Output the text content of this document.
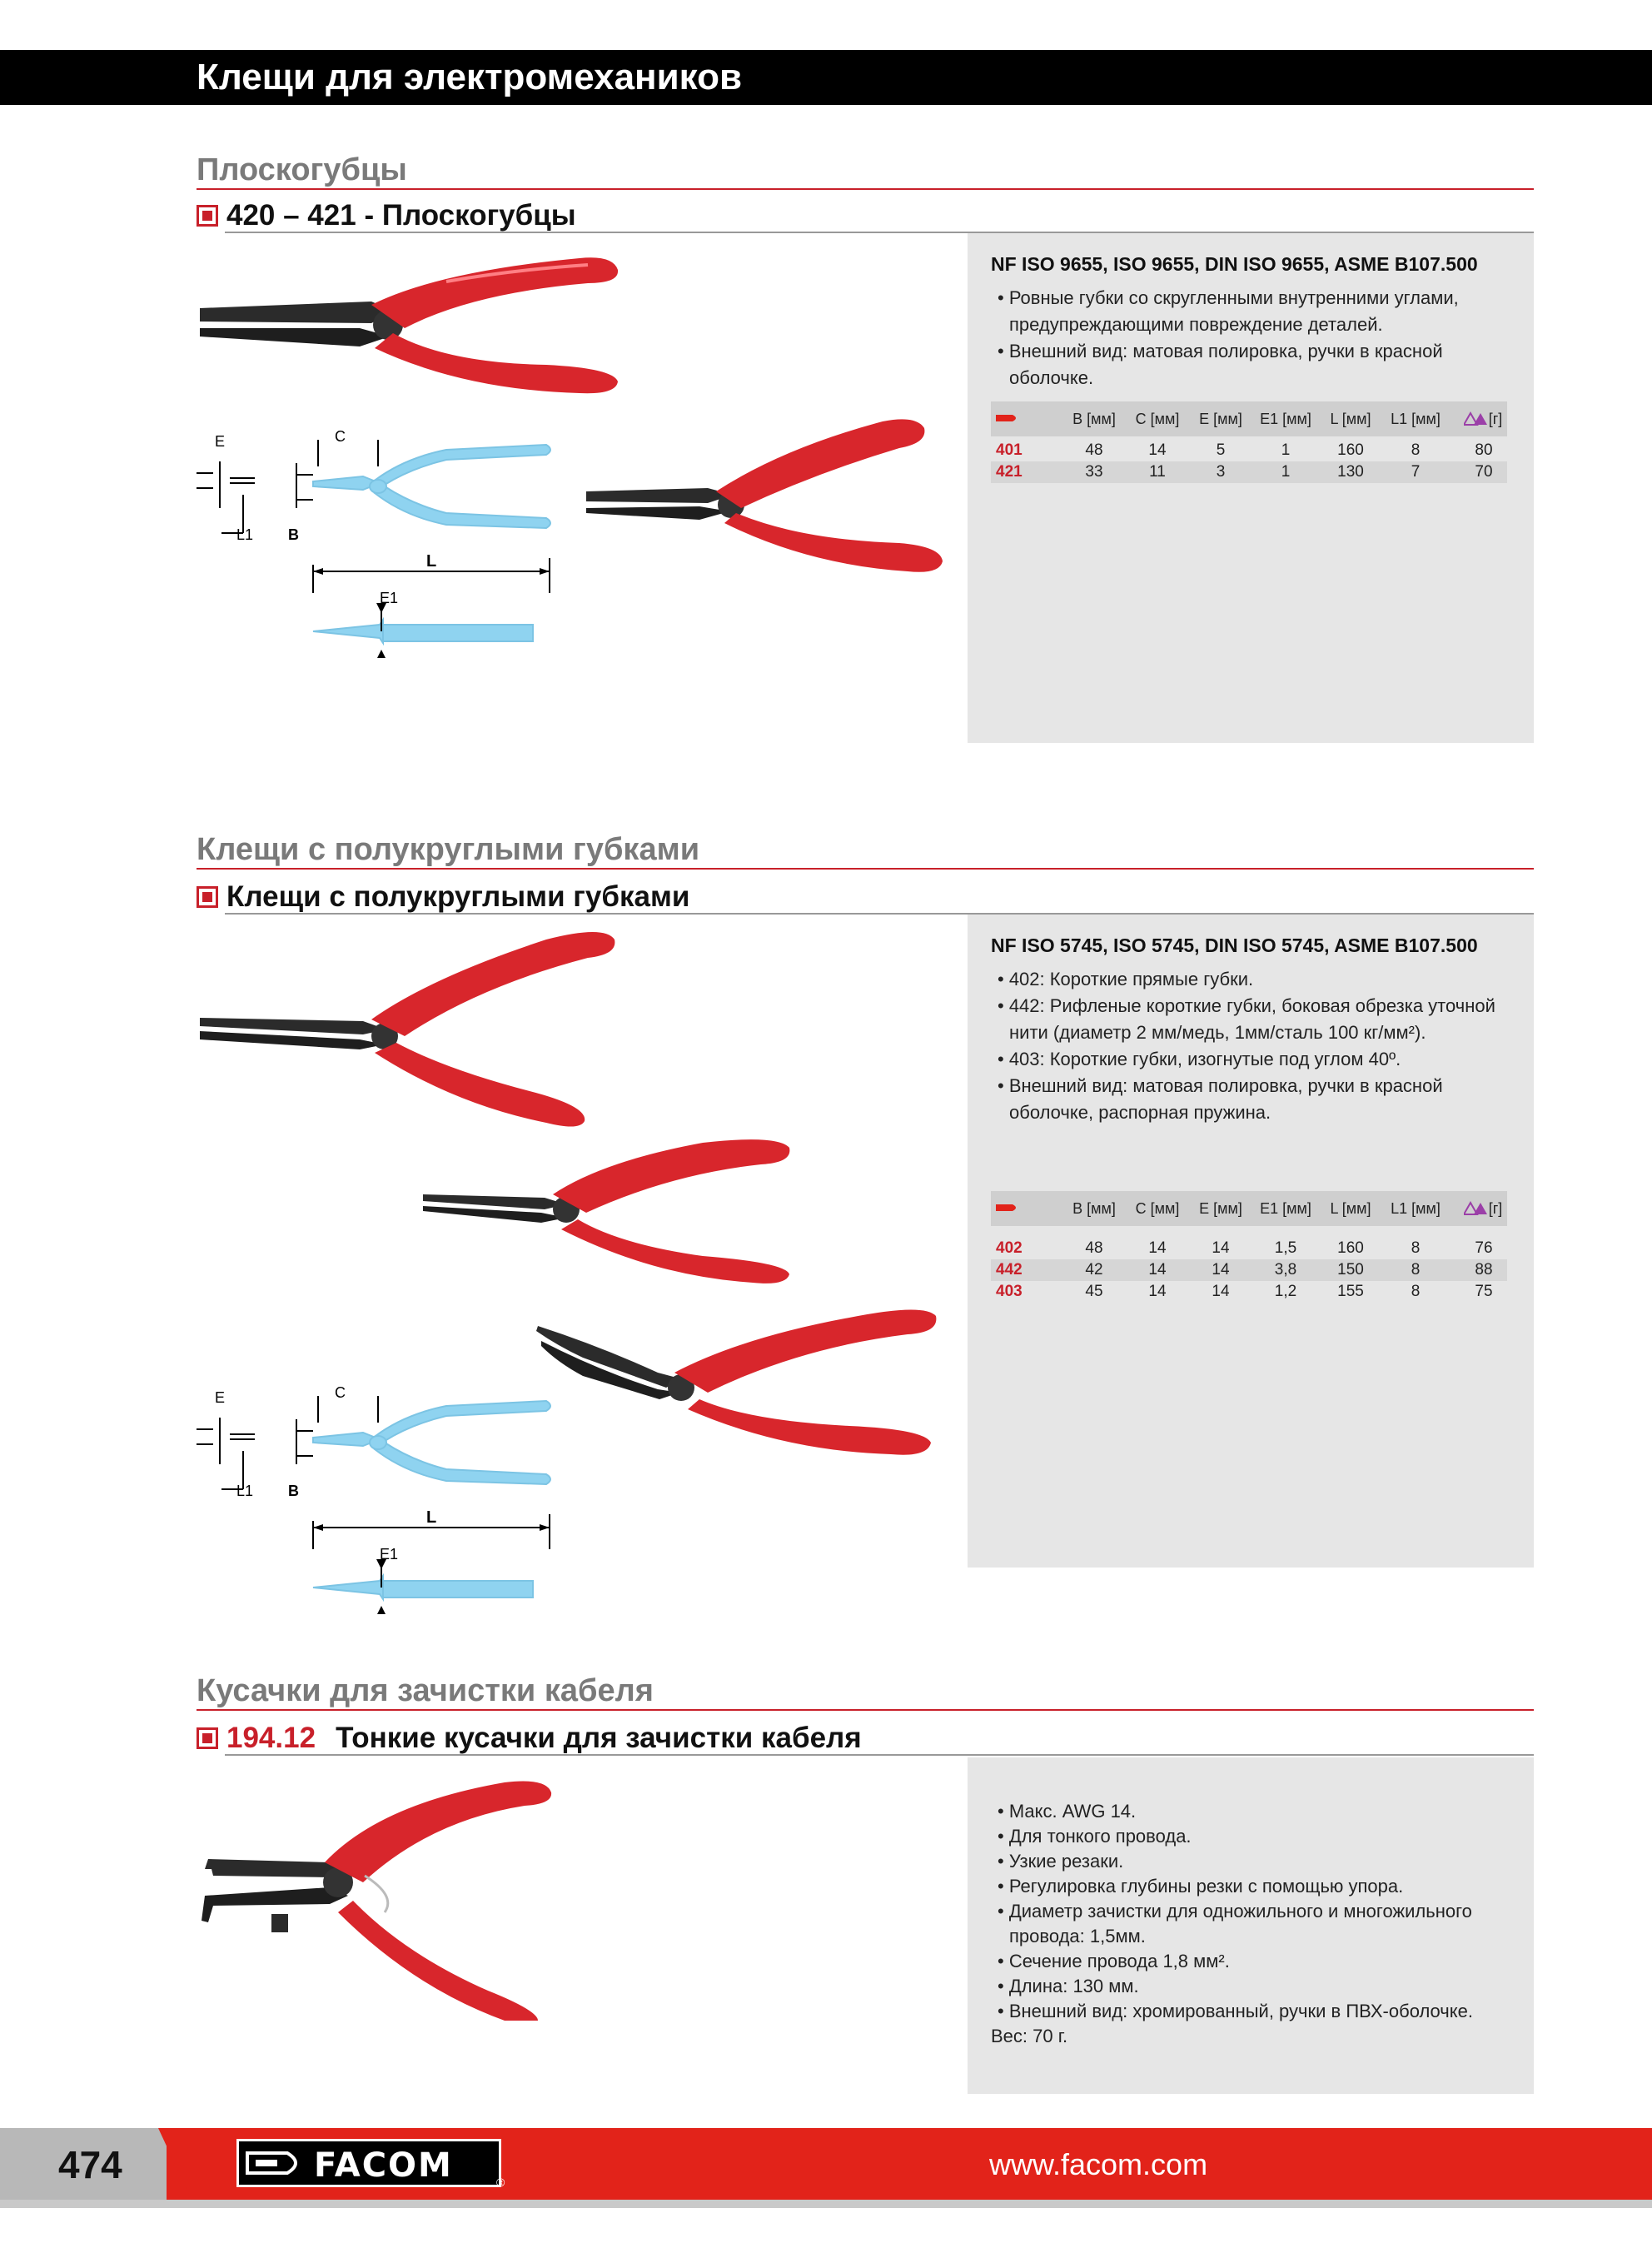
Клещи для электромехаников
Плоскогубцы
420 – 421 - Плоскогубцы
E	C
L1 B
L
E1
NF ISO 9655, ISO 9655, DIN ISO 9655, ASME B107.500
• Ровные губки со скругленными внутренними углами, предупреждающими повреждение деталей.
• Внешний вид: матовая полировка, ручки в красной оболочке.
B [мм] C [мм] E [мм] E1 [мм] L [мм] L1 [мм]	[г]
401	48	14	5	1	160	8	80
421	33	11	3	1	130	7	70
Клещи с полукруглыми губками
Клещи с полукруглыми губками
E	C
L1 B
L
E1
NF ISO 5745, ISO 5745, DIN ISO 5745, ASME B107.500
• 402: Короткие прямые губки.
• 442: Рифленые короткие губки, боковая обрезка уточной нити (диаметр 2 мм/медь, 1мм/сталь 100 кг/мм²).
• 403: Короткие губки, изогнутые под углом 40º.
• Внешний вид: матовая полировка, ручки в красной оболочке, распорная пружина.
B [мм] C [мм] E [мм] E1 [мм] L [мм] L1 [мм]	[г]
402	48	14	14	1,5	160	8	76
442	42	14	14	3,8	150	8	88
403	45	14	14	1,2	155	8	75
Кусачки для зачистки кабеля
194.12 Тонкие кусачки для зачистки кабеля
• Макс. AWG 14.
• Для тонкого провода.
• Узкие резаки.
• Регулировка глубины резки с помощью упора.
• Диаметр зачистки для одножильного и многожильного провода: 1,5мм.
• Сечение провода 1,8 мм².
• Длина: 130 мм.
• Внешний вид: хромированный, ручки в ПВХ-оболочке.
Вес: 70 г.
474	FACOM	®
www.facom.com
